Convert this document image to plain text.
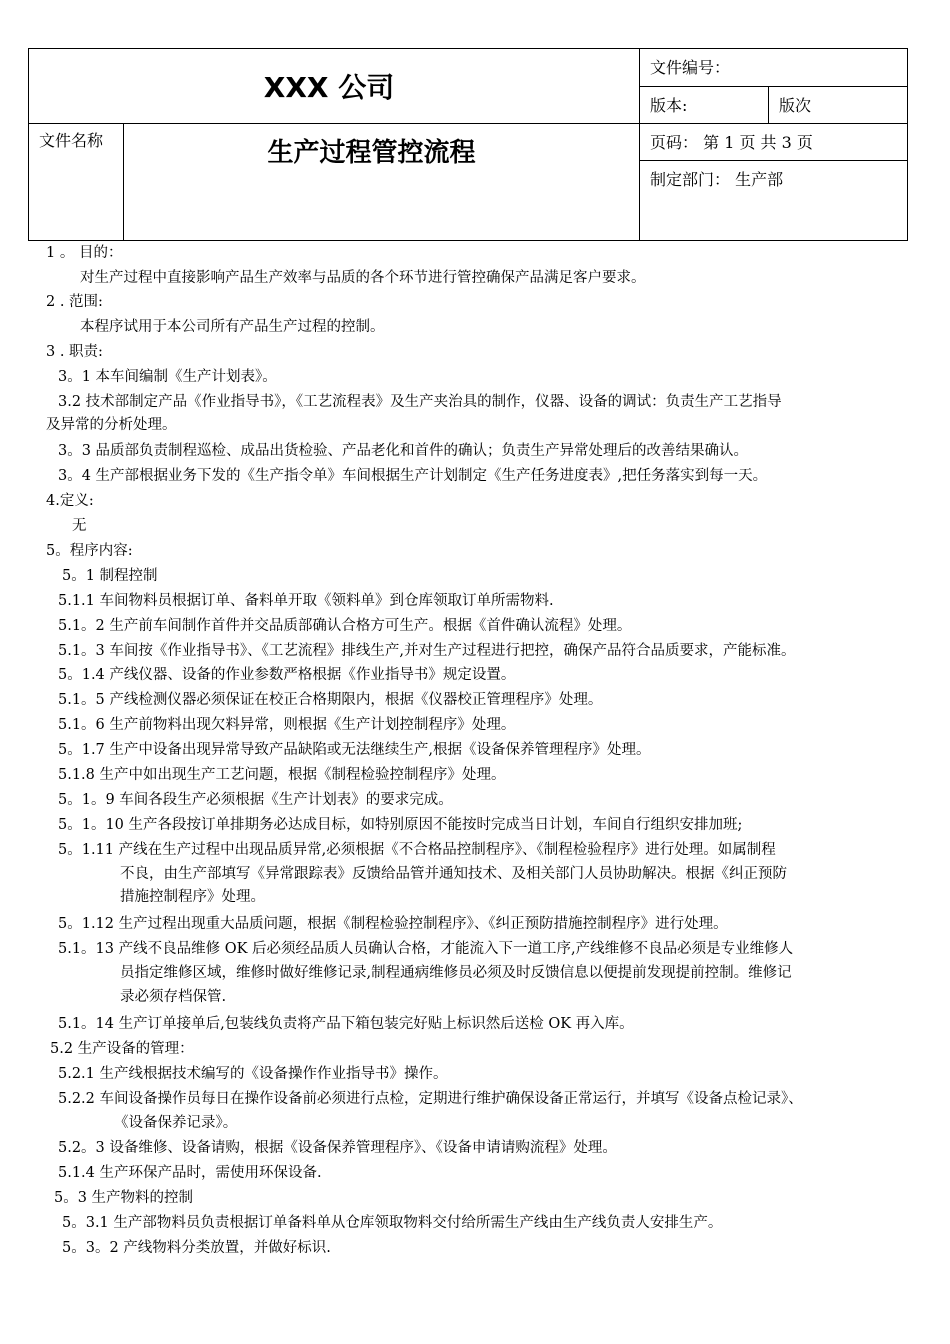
XXX 公司		文件编号：	
		版本:	版次
文件名称	生产过程管控流程	页码： 第 1 页 共 3 页	
		制定部门： 生产部	
1 。 目的：
对生产过程中直接影响产品生产效率与品质的各个环节进行管控确保产品满足客户要求。
2 . 范围:
本程序试用于本公司所有产品生产过程的控制。
3 . 职责:
3。1 本车间编制《生产计划表》。
3.2 技术部制定产品《作业指导书》，《工艺流程表》及生产夹治具的制作，仪器、设备的调试：负责生产工艺指导
及异常的分析处理。
3。3 品质部负责制程巡检、成品出货检验、产品老化和首件的确认；负责生产异常处理后的改善结果确认。
3。4 生产部根据业务下发的《生产指令单》车间根据生产计划制定《生产任务进度表》,把任务落实到每一天。
4.定义:
无
5。程序内容:
5。1 制程控制
5.1.1 车间物料员根据订单、备料单开取《领料单》到仓库领取订单所需物料.
5.1。2 生产前车间制作首件并交品质部确认合格方可生产。根据《首件确认流程》处理。
5.1。3 车间按《作业指导书》、《工艺流程》排线生产,并对生产过程进行把控，确保产品符合品质要求，产能标准。
5。1.4 产线仪器、设备的作业参数严格根据《作业指导书》规定设置。
5.1。5 产线检测仪器必须保证在校正合格期限内，根据《仪器校正管理程序》处理。
5.1。6 生产前物料出现欠料异常，则根据《生产计划控制程序》处理。
5。1.7 生产中设备出现异常导致产品缺陷或无法继续生产,根据《设备保养管理程序》处理。
5.1.8 生产中如出现生产工艺问题，根据《制程检验控制程序》处理。
5。1。9 车间各段生产必须根据《生产计划表》的要求完成。
5。1。10 生产各段按订单排期务必达成目标，如特别原因不能按时完成当日计划，车间自行组织安排加班;
5。1.11 产线在生产过程中出现品质异常,必须根据《不合格品控制程序》、《制程检验程序》进行处理。如属制程
不良，由生产部填写《异常跟踪表》反馈给品管并通知技术、及相关部门人员协助解决。根据《纠正预防
措施控制程序》处理。
5。1.12 生产过程出现重大品质问题，根据《制程检验控制程序》、《纠正预防措施控制程序》进行处理。
5.1。13 产线不良品维修 OK 后必须经品质人员确认合格，才能流入下一道工序,产线维修不良品必须是专业维修人
员指定维修区域，维修时做好维修记录,制程通病维修员必须及时反馈信息以便提前发现提前控制。维修记
录必须存档保管.
5.1。14 生产订单接单后,包装线负责将产品下箱包装完好贴上标识然后送检 OK 再入库。
5.2 生产设备的管理：
5.2.1 生产线根据技术编写的《设备操作作业指导书》操作。
5.2.2 车间设备操作员每日在操作设备前必须进行点检，定期进行维护确保设备正常运行，并填写《设备点检记录》、
《设备保养记录》。
5.2。3 设备维修、设备请购，根据《设备保养管理程序》、《设备申请请购流程》处理。
5.1.4 生产环保产品时，需使用环保设备.
5。3 生产物料的控制
5。3.1 生产部物料员负责根据订单备料单从仓库领取物料交付给所需生产线由生产线负责人安排生产。
5。3。2 产线物料分类放置，并做好标识.
